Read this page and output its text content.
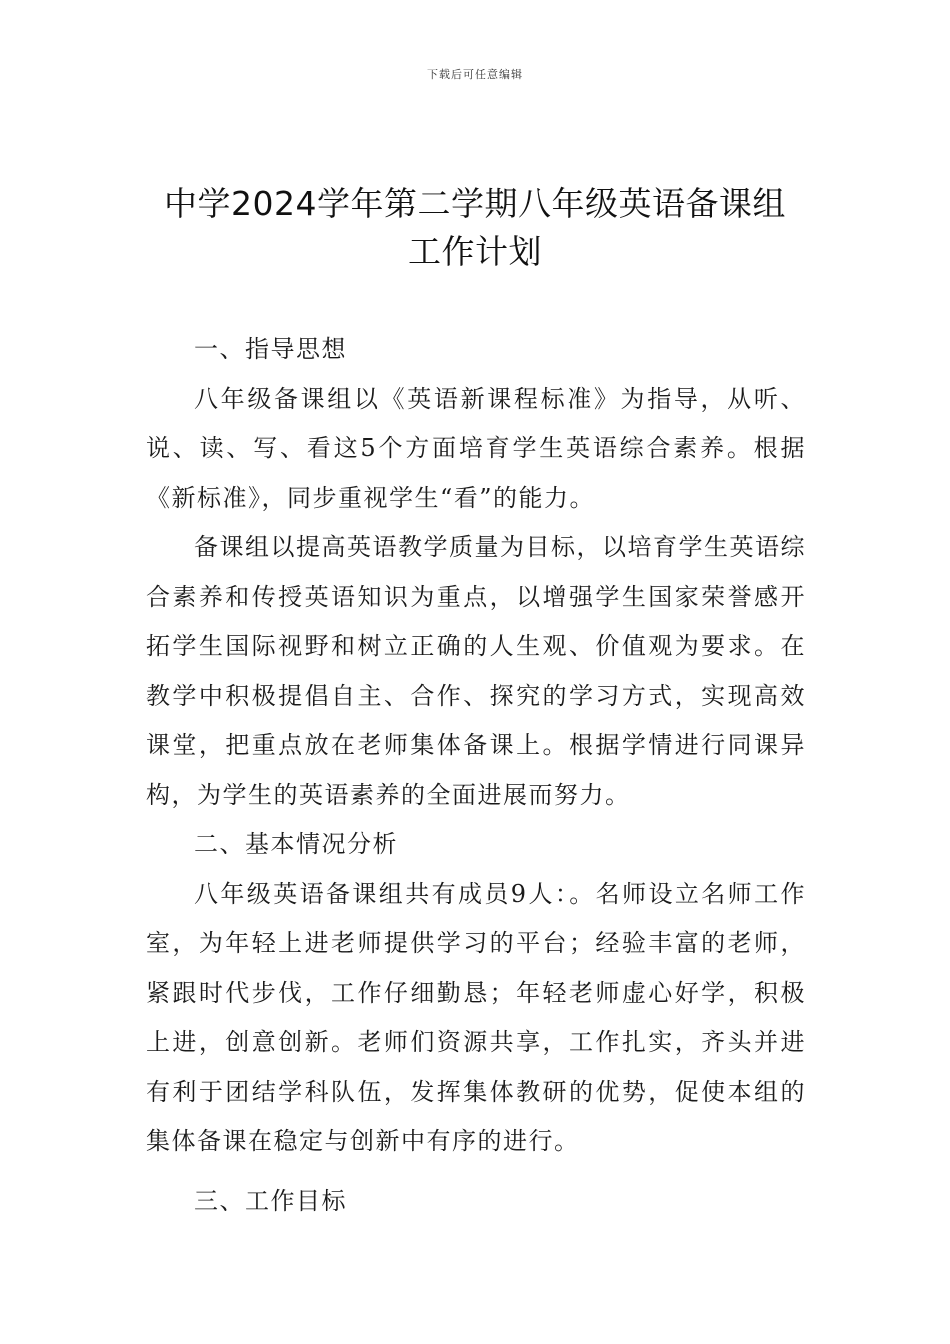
下载后可任意编辑
中学2024学年第二学期八年级英语备课组
工作计划

一、指导思想

八年级备课组以《英语新课程标准》为指导，从听、说、读、写、看这5个方面培育学生英语综合素养。根据《新标准》，同步重视学生“看”的能力。

备课组以提高英语教学质量为目标，以培育学生英语综合素养和传授英语知识为重点，以增强学生国家荣誉感开拓学生国际视野和树立正确的人生观、价值观为要求。在教学中积极提倡自主、合作、探究的学习方式，实现高效课堂，把重点放在老师集体备课上。根据学情进行同课异构，为学生的英语素养的全面进展而努力。

二、基本情况分析

八年级英语备课组共有成员9人：。名师设立名师工作室，为年轻上进老师提供学习的平台；经验丰富的老师，紧跟时代步伐，工作仔细勤恳；年轻老师虚心好学，积极上进，创意创新。老师们资源共享，工作扎实，齐头并进有利于团结学科队伍，发挥集体教研的优势，促使本组的集体备课在稳定与创新中有序的进行。

三、工作目标
